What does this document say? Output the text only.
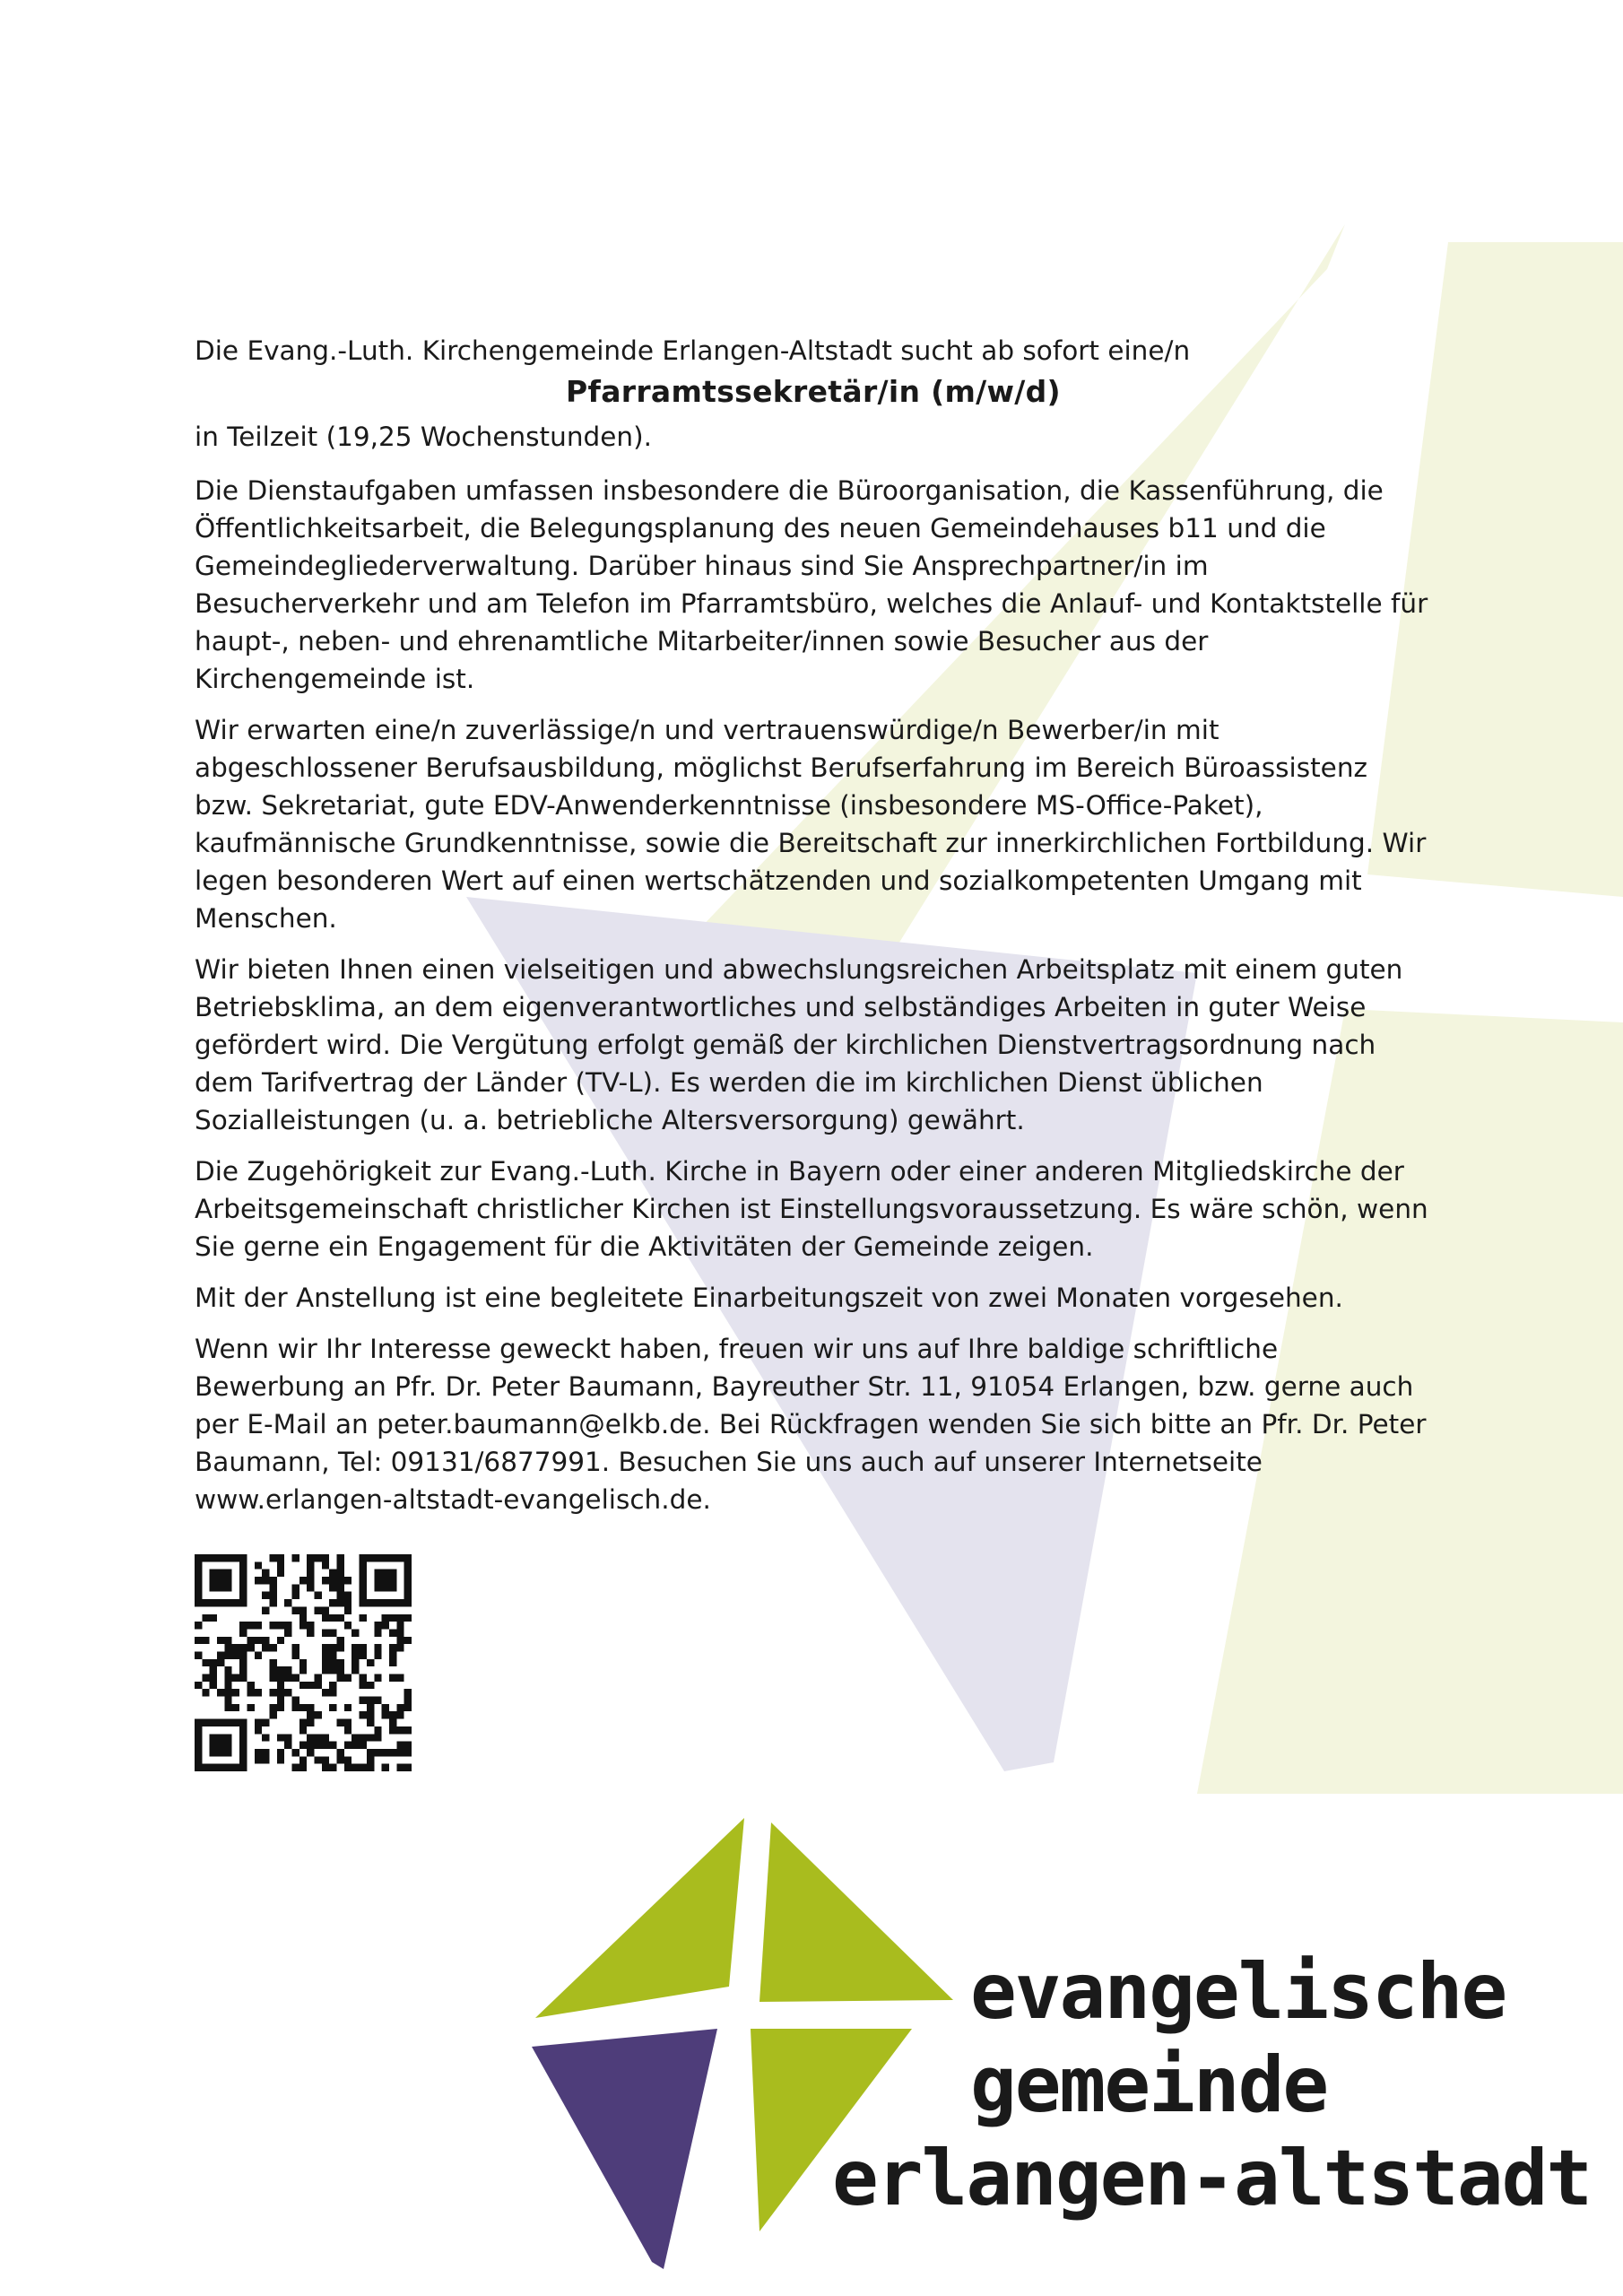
Die Evang.-Luth. Kirchengemeinde Erlangen-Altstadt sucht ab sofort eine/n

Pfarramtssekretär/in (m/w/d)

in Teilzeit (19,25 Wochenstunden).

Die Dienstaufgaben umfassen insbesondere die Büroorganisation, die Kassenführung, die Öffentlichkeitsarbeit, die Belegungsplanung des neuen Gemeindehauses b11 und die Gemeindegliederverwaltung. Darüber hinaus sind Sie Ansprechpartner/in im Besucherverkehr und am Telefon im Pfarramtsbüro, welches die Anlauf- und Kontaktstelle für haupt-, neben- und ehrenamtliche Mitarbeiter/innen sowie Besucher aus der Kirchengemeinde ist.

Wir erwarten eine/n zuverlässige/n und vertrauenswürdige/n Bewerber/in mit abgeschlossener Berufsausbildung, möglichst Berufserfahrung im Bereich Büroassistenz bzw. Sekretariat, gute EDV-Anwenderkenntnisse (insbesondere MS-Office-Paket), kaufmännische Grundkenntnisse, sowie die Bereitschaft zur innerkirchlichen Fortbildung. Wir legen besonderen Wert auf einen wertschätzenden und sozialkompetenten Umgang mit Menschen.

Wir bieten Ihnen einen vielseitigen und abwechslungsreichen Arbeitsplatz mit einem guten Betriebsklima, an dem eigenverantwortliches und selbständiges Arbeiten in guter Weise gefördert wird. Die Vergütung erfolgt gemäß der kirchlichen Dienstvertragsordnung nach dem Tarifvertrag der Länder (TV-L). Es werden die im kirchlichen Dienst üblichen Sozialleistungen (u. a. betriebliche Altersversorgung) gewährt.

Die Zugehörigkeit zur Evang.-Luth. Kirche in Bayern oder einer anderen Mitgliedskirche der Arbeitsgemeinschaft christlicher Kirchen ist Einstellungsvoraussetzung. Es wäre schön, wenn Sie gerne ein Engagement für die Aktivitäten der Gemeinde zeigen.

Mit der Anstellung ist eine begleitete Einarbeitungszeit von zwei Monaten vorgesehen.

Wenn wir Ihr Interesse geweckt haben, freuen wir uns auf Ihre baldige schriftliche Bewerbung an Pfr. Dr. Peter Baumann, Bayreuther Str. 11, 91054 Erlangen, bzw. gerne auch per E-Mail an peter.baumann@elkb.de. Bei Rückfragen wenden Sie sich bitte an Pfr. Dr. Peter Baumann, Tel: 09131/6877991. Besuchen Sie uns auch auf unserer Internetseite www.erlangen-altstadt-evangelisch.de.

evangelische
gemeinde
erlangen-altstadt
